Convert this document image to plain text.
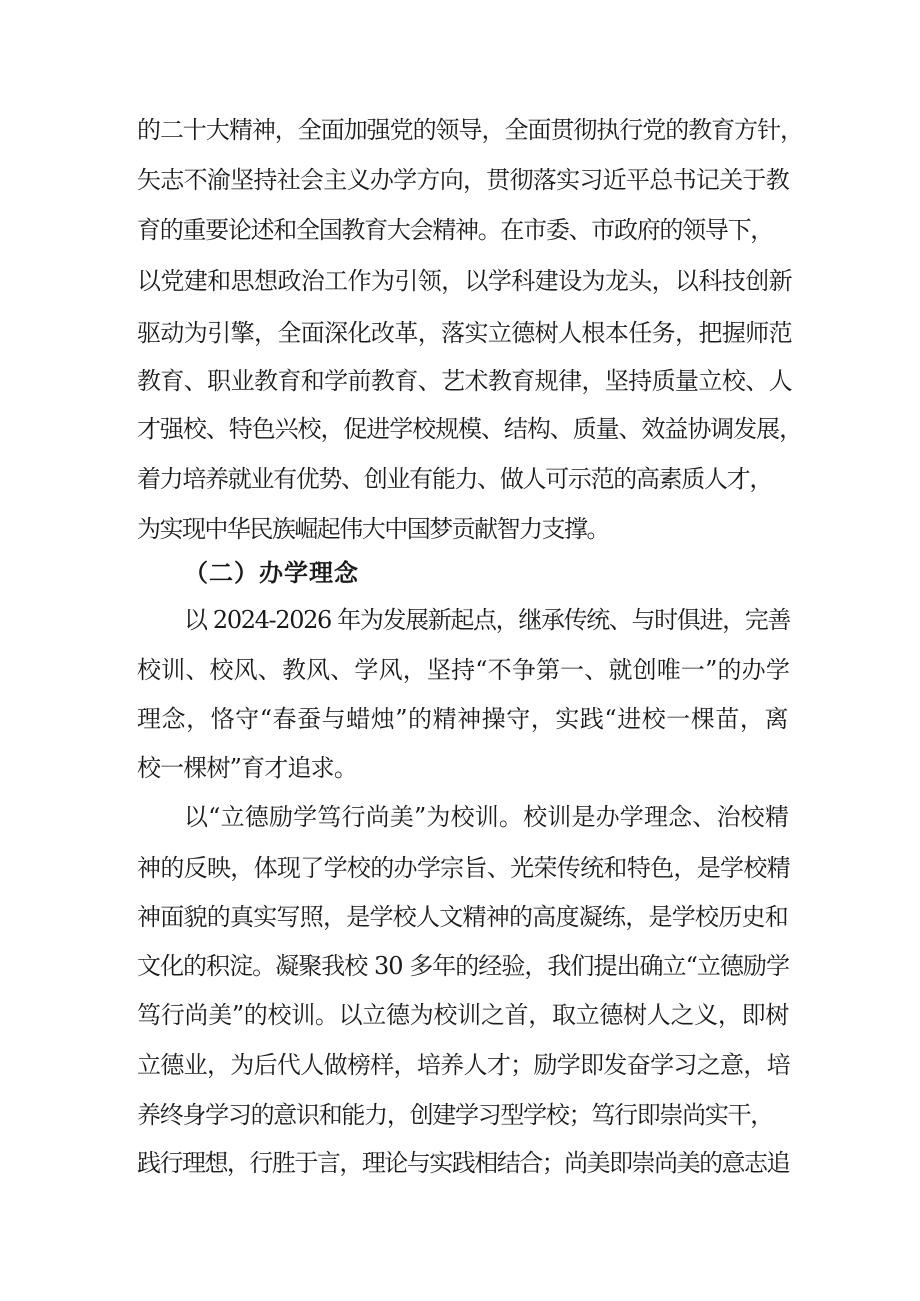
的二十大精神，全面加强党的领导，全面贯彻执行党的教育方针，
矢志不渝坚持社会主义办学方向，贯彻落实习近平总书记关于教
育的重要论述和全国教育大会精神。在市委、市政府的领导下，
以党建和思想政治工作为引领，以学科建设为龙头，以科技创新
驱动为引擎，全面深化改革，落实立德树人根本任务，把握师范
教育、职业教育和学前教育、艺术教育规律，坚持质量立校、人
才强校、特色兴校，促进学校规模、结构、质量、效益协调发展，
着力培养就业有优势、创业有能力、做人可示范的高素质人才，
为实现中华民族崛起伟大中国梦贡献智力支撑。
（二）办学理念
以 2024-2026 年为发展新起点，继承传统、与时俱进，完善
校训、校风、教风、学风，坚持“不争第一、就创唯一”的办学
理念，恪守“春蚕与蜡烛”的精神操守，实践“进校一棵苗，离
校一棵树”育才追求。
以“立德励学笃行尚美”为校训。校训是办学理念、治校精
神的反映，体现了学校的办学宗旨、光荣传统和特色，是学校精
神面貌的真实写照，是学校人文精神的高度凝练，是学校历史和
文化的积淀。凝聚我校 30 多年的经验，我们提出确立“立德励学
笃行尚美”的校训。以立德为校训之首，取立德树人之义，即树
立德业，为后代人做榜样，培养人才；励学即发奋学习之意，培
养终身学习的意识和能力，创建学习型学校；笃行即崇尚实干，
践行理想，行胜于言，理论与实践相结合；尚美即崇尚美的意志追
